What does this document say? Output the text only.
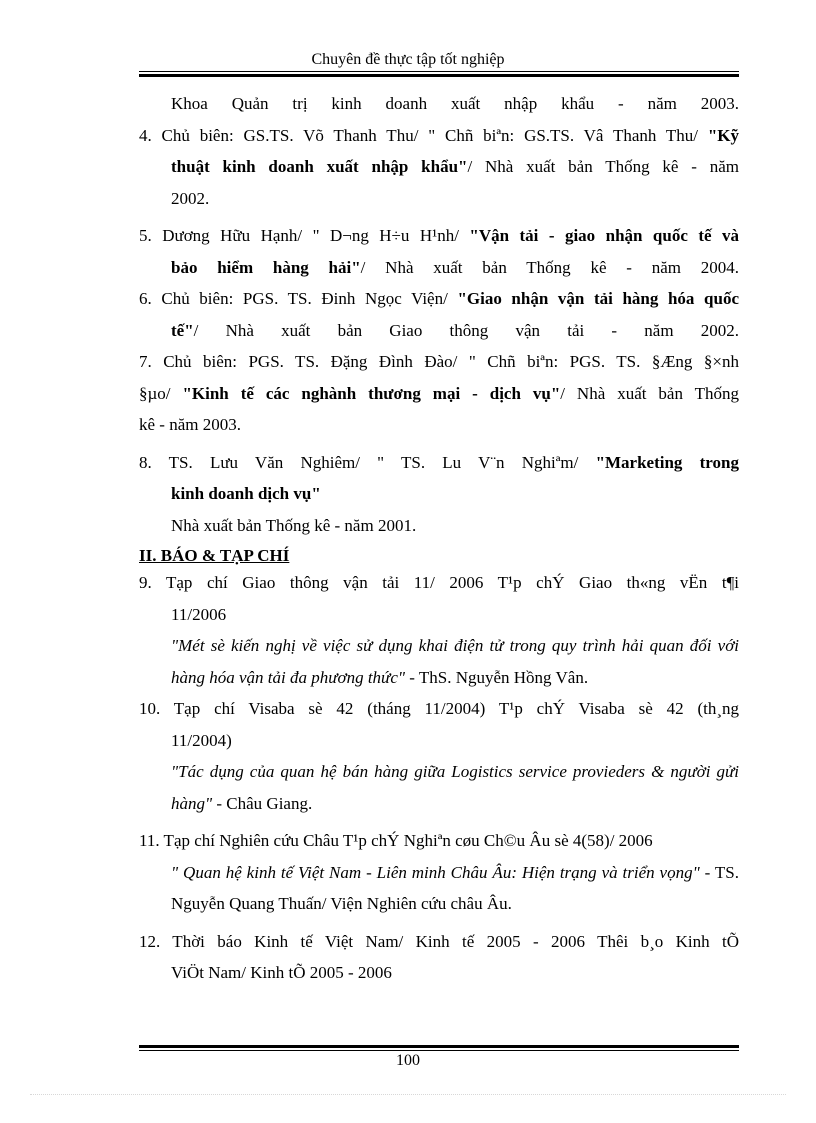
Chuyên đề thực tập tốt nghiệp

Khoa Quản trị kinh doanh xuất nhập khẩu - năm 2003.

4. Chủ biên: GS.TS. Võ Thanh Thu/ " Chñ biªn: GS.TS. Vâ Thanh Thu/ "Kỹ

thuật kinh doanh xuất nhập khẩu"/ Nhà xuất bản Thống kê - năm

2002.

5. Dương Hữu Hạnh/ " D¬ng H÷u H¹nh/ "Vận tải - giao nhận quốc tế và

bảo hiểm hàng hải"/ Nhà xuất bản Thống kê - năm 2004.

6. Chủ biên: PGS. TS. Đinh Ngọc Viện/ "Giao nhận vận tải hàng hóa quốc

tế"/ Nhà xuất bản Giao thông vận tải - năm 2002.

7. Chủ biên: PGS. TS. Đặng Đình Đào/ " Chñ biªn: PGS. TS. §Æng §×nh

§µo/ "Kinh tế các nghành thương mại - dịch vụ"/ Nhà xuất bản Thống

kê - năm 2003.

8. TS. Lưu Văn Nghiêm/ " TS. Lu V¨n Nghiªm/ "Marketing trong

kinh doanh dịch vụ"

Nhà xuất bản Thống kê - năm 2001.

II. BÁO & TẠP CHÍ

9. Tạp chí Giao thông vận tải 11/ 2006 T¹p chÝ Giao th«ng vËn t¶i

11/2006

"Mét sè kiến nghị về việc sử dụng khai điện tử trong quy trình hải quan đối với hàng hóa vận tải đa phương thức" - ThS. Nguyễn Hồng Vân.

10. Tạp chí Visaba sè 42 (tháng 11/2004) T¹p chÝ Visaba sè 42 (th¸ng

11/2004)

"Tác dụng của quan hệ bán hàng giữa Logistics service provieders & người gửi hàng" - Châu Giang.

11. Tạp chí Nghiên cứu Châu T¹p chÝ Nghiªn cøu Ch©u Âu sè 4(58)/ 2006

" Quan hệ kinh tế Việt Nam - Liên minh Châu Âu: Hiện trạng và triển vọng" - TS. Nguyễn Quang Thuấn/ Viện Nghiên cứu châu Âu.

12. Thời báo Kinh tế Việt Nam/ Kinh tế 2005 - 2006 Thêi b¸o Kinh tÕ

ViÖt Nam/ Kinh tÕ 2005 - 2006

100
